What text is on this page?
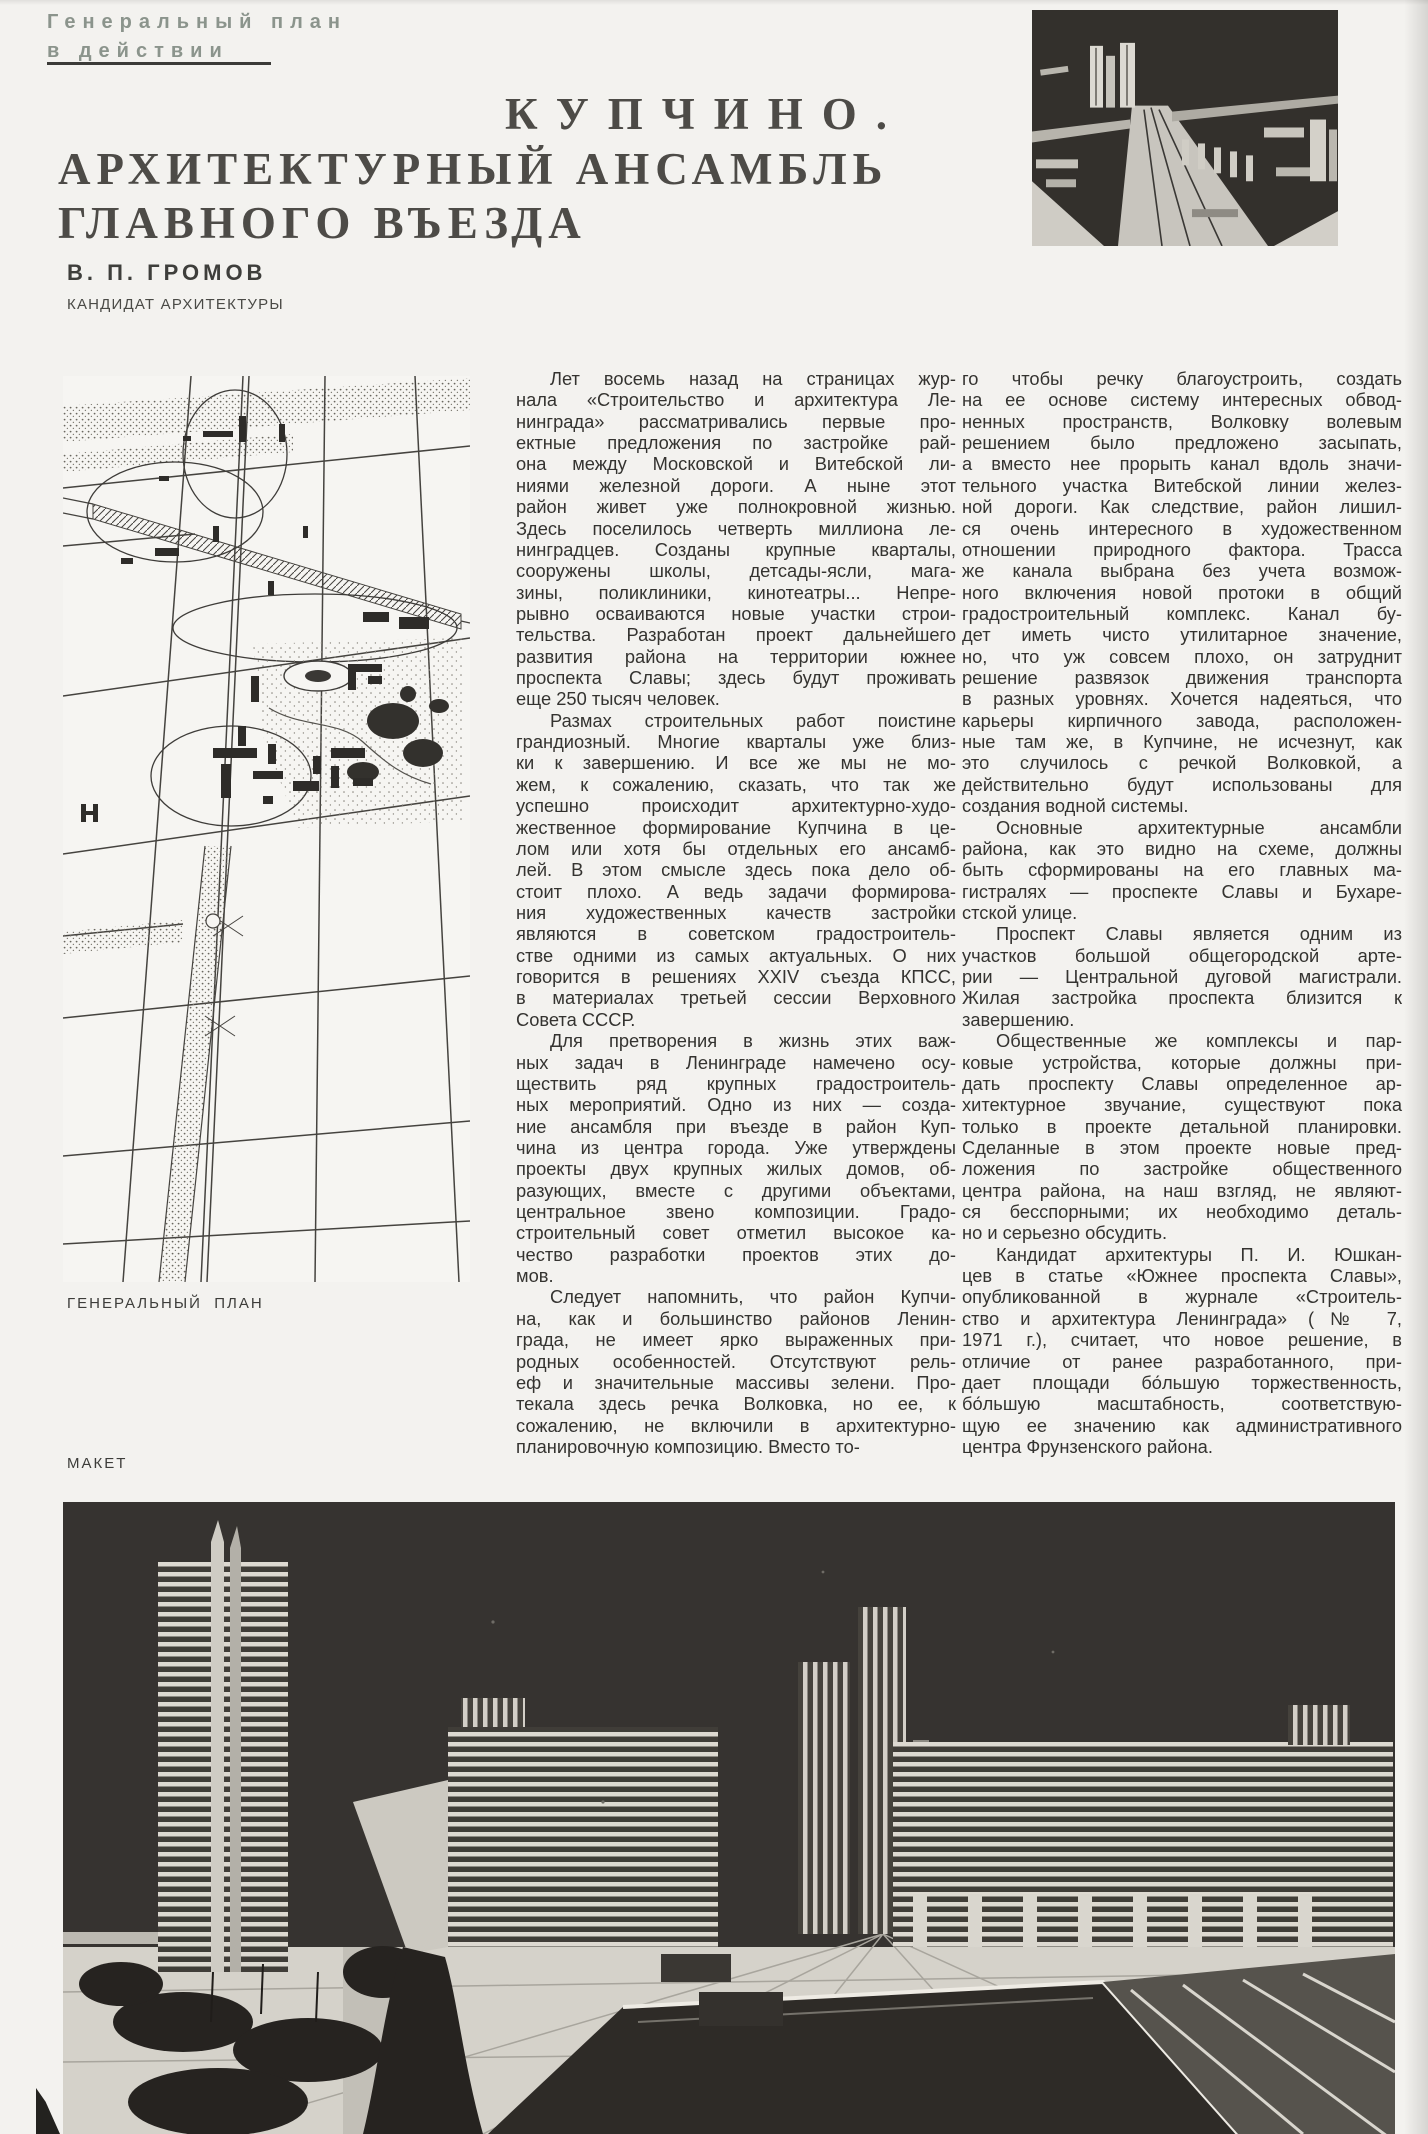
Генеральный план
в действии
КУПЧИНО.
АРХИТЕКТУРНЫЙ АНСАМБЛЬ
ГЛАВНОГО ВЪЕЗДА
В. П. ГРОМОВ
КАНДИДАТ АРХИТЕКТУРЫ
ГЕНЕРАЛЬНЫЙ  ПЛАН
МАКЕТ
Лет восемь назад на страницах жур-
нала «Строительство и архитектура Ле-
нинграда» рассматривались первые про-
ектные предложения по застройке рай-
она между Московской и Витебской ли-
ниями железной дороги. А ныне этот
район живет уже полнокровной жизнью.
Здесь поселилось четверть миллиона ле-
нинградцев. Созданы крупные кварталы,
сооружены школы, детсады-ясли, мага-
зины, поликлиники, кинотеатры... Непре-
рывно осваиваются новые участки строи-
тельства. Разработан проект дальнейшего
развития района на территории южнее
проспекта Славы; здесь будут проживать
еще 250 тысяч человек.
Размах строительных работ поистине
грандиозный. Многие кварталы уже близ-
ки к завершению. И все же мы не мо-
жем, к сожалению, сказать, что так же
успешно происходит архитектурно-худо-
жественное формирование Купчина в це-
лом или хотя бы отдельных его ансамб-
лей. В этом смысле здесь пока дело об-
стоит плохо. А ведь задачи формирова-
ния художественных качеств застройки
являются в советском градостроитель-
стве одними из самых актуальных. О них
говорится в решениях XXIV съезда КПСС,
в материалах третьей сессии Верховного
Совета СССР.
Для претворения в жизнь этих важ-
ных задач в Ленинграде намечено осу-
ществить ряд крупных градостроитель-
ных мероприятий. Одно из них — созда-
ние ансамбля при въезде в район Куп-
чина из центра города. Уже утверждены
проекты двух крупных жилых домов, об-
разующих, вместе с другими объектами,
центральное звено композиции. Градо-
строительный совет отметил высокое ка-
чество разработки проектов этих до-
мов.
Следует напомнить, что район Купчи-
на, как и большинство районов Ленин-
града, не имеет ярко выраженных при-
родных особенностей. Отсутствуют рель-
еф и значительные массивы зелени. Про-
текала здесь речка Волковка, но ее, к
сожалению, не включили в архитектурно-
планировочную композицию. Вместо то-
го чтобы речку благоустроить, создать
на ее основе систему интересных обвод-
ненных пространств, Волковку волевым
решением было предложено засыпать,
а вместо нее прорыть канал вдоль значи-
тельного участка Витебской линии желез-
ной дороги. Как следствие, район лишил-
ся очень интересного в художественном
отношении природного фактора. Трасса
же канала выбрана без учета возмож-
ного включения новой протоки в общий
градостроительный комплекс. Канал бу-
дет иметь чисто утилитарное значение,
но, что уж совсем плохо, он затруднит
решение развязок движения транспорта
в разных уровнях. Хочется надеяться, что
карьеры кирпичного завода, расположен-
ные там же, в Купчине, не исчезнут, как
это случилось с речкой Волковкой, а
действительно будут использованы для
создания водной системы.
Основные архитектурные ансамбли
района, как это видно на схеме, должны
быть сформированы на его главных ма-
гистралях — проспекте Славы и Бухаре-
стской улице.
Проспект Славы является одним из
участков большой общегородской арте-
рии — Центральной дуговой магистрали.
Жилая застройка проспекта близится к
завершению.
Общественные же комплексы и пар-
ковые устройства, которые должны при-
дать проспекту Славы определенное ар-
хитектурное звучание, существуют пока
только в проекте детальной планировки.
Сделанные в этом проекте новые пред-
ложения по застройке общественного
центра района, на наш взгляд, не являют-
ся бесспорными; их необходимо деталь-
но и серьезно обсудить.
Кандидат архитектуры П. И. Юшкан-
цев в статье «Южнее проспекта Славы»,
опубликованной в журнале «Строитель-
ство и архитектура Ленинграда» (№ 7,
1971 г.), считает, что новое решение, в
отличие от ранее разработанного, при-
дает площади бо́льшую торжественность,
бо́льшую масштабность, соответствую-
щую ее значению как административного
центра Фрунзенского района.
